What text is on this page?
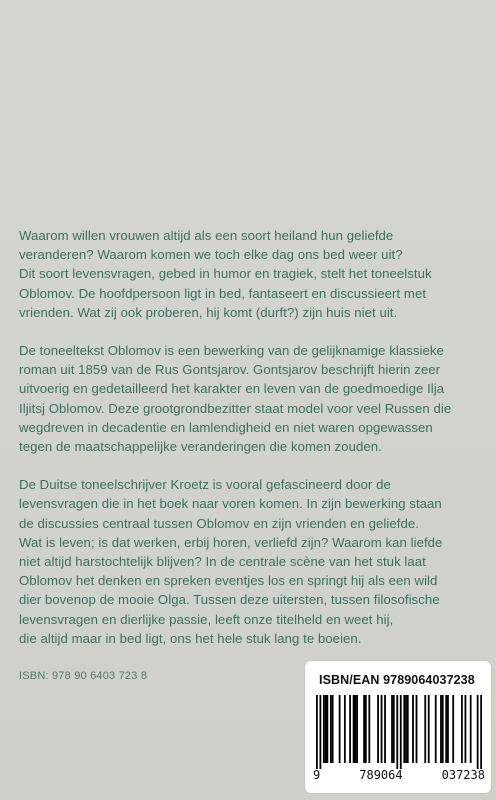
Waarom willen vrouwen altijd als een soort heiland hun geliefde
veranderen? Waarom komen we toch elke dag ons bed weer uit?
Dit soort levensvragen, gebed in humor en tragiek, stelt het toneelstuk
Oblomov. De hoofdpersoon ligt in bed, fantaseert en discussieert met
vrienden. Wat zij ook proberen, hij komt (durft?) zijn huis niet uit.

De toneeltekst Oblomov is een bewerking van de gelijknamige klassieke
roman uit 1859 van de Rus Gontsjarov. Gontsjarov beschrijft hierin zeer
uitvoerig en gedetailleerd het karakter en leven van de goedmoedige Ilja
Iljitsj Oblomov. Deze grootgrondbezitter staat model voor veel Russen die
wegdreven in decadentie en lamlendigheid en niet waren opgewassen
tegen de maatschappelijke veranderingen die komen zouden.

De Duitse toneelschrijver Kroetz is vooral gefascineerd door de
levensvragen die in het boek naar voren komen. In zijn bewerking staan
de discussies centraal tussen Oblomov en zijn vrienden en geliefde.
Wat is leven; is dat werken, erbij horen, verliefd zijn? Waarom kan liefde
niet altijd harstochtelijk blijven? In de centrale scène van het stuk laat
Oblomov het denken en spreken eventjes los en springt hij als een wild
dier bovenop de mooie Olga. Tussen deze uitersten, tussen filosofische
levensvragen en dierlijke passie, leeft onze titelheld en weet hij,
die altijd maar in bed ligt, ons het hele stuk lang te boeien.

ISBN: 978 90 6403 723 8	ISBN/EAN 9789064037238
9	789064	037238
